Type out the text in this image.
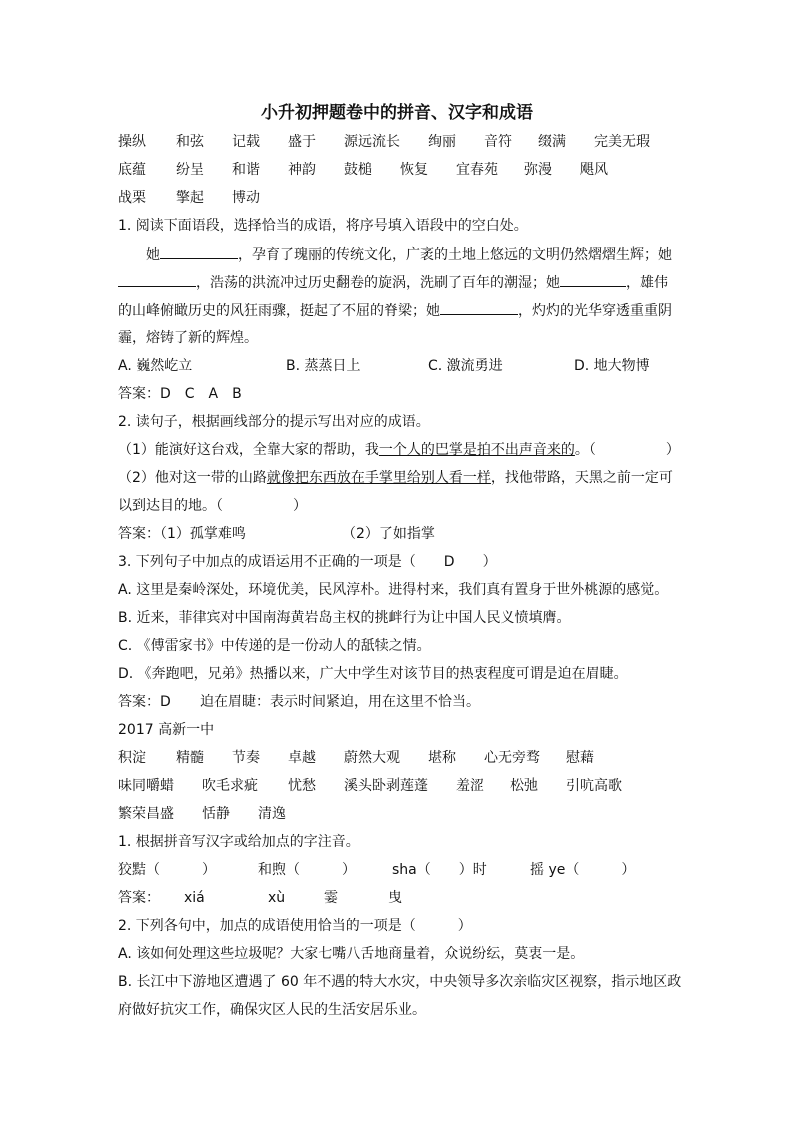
小升初押题卷中的拼音、汉字和成语
操纵 和弦 记载 盛于 源远流长 绚丽 音符 缀满 完美无瑕
底蕴 纷呈 和谐 神韵 鼓槌 恢复 宜春苑 弥漫 飓风
战栗 擎起 博动
1. 阅读下面语段，选择恰当的成语，将序号填入语段中的空白处。
她	，孕育了瑰丽的传统文化，广袤的土地上悠远的文明仍然熠熠生辉；她
，浩荡的洪流冲过历史翻卷的旋涡，洗刷了百年的潮湿；她	，雄伟
的山峰俯瞰历史的风狂雨骤，挺起了不屈的脊梁；她	，灼灼的光华穿透重重阴
霾，熔铸了新的辉煌。
A. 巍然屹立	B. 蒸蒸日上	C. 激流勇进	D. 地大物博
答案：D　C　A　B
2. 读句子，根据画线部分的提示写出对应的成语。
（1）能演好这台戏，全靠大家的帮助，我一个人的巴掌是拍不出声音来的。（　　　　　）
（2）他对这一带的山路就像把东西放在手掌里给别人看一样，找他带路，天黑之前一定可
以到达目的地。（　　　　　）
答案：（1）孤掌难鸣	（2）了如指掌
3. 下列句子中加点的成语运用不正确的一项是（　　D　　）
A. 这里是秦岭深处，环境优美，民风淳朴。进得村来，我们真有置身于世外桃源的感觉。
B. 近来，菲律宾对中国南海黄岩岛主权的挑衅行为让中国人民义愤填膺。
C. 《傅雷家书》中传递的是一份动人的舐犊之情。
D. 《奔跑吧，兄弟》热播以来，广大中学生对该节目的热衷程度可谓是迫在眉睫。
答案：D 迫在眉睫：表示时间紧迫，用在这里不恰当。
2017 高新一中
积淀 精髓 节奏 卓越 蔚然大观 堪称 心无旁骛 慰藉
味同嚼蜡 吹毛求疵 忧愁 溪头卧剥莲蓬 羞涩 松弛 引吭高歌
繁荣昌盛 恬静 清逸
1. 根据拼音写汉字或给加点的字注音。
狡黠（　　　）	和煦（　　　）	sha（　　）时	摇 ye（　　　）
答案： xiá	xù	霎	曳
2. 下列各句中，加点的成语使用恰当的一项是（　　　）
A. 该如何处理这些垃圾呢？大家七嘴八舌地商量着，众说纷纭，莫衷一是。
B. 长江中下游地区遭遇了 60 年不遇的特大水灾，中央领导多次亲临灾区视察，指示地区政
府做好抗灾工作，确保灾区人民的生活安居乐业。
